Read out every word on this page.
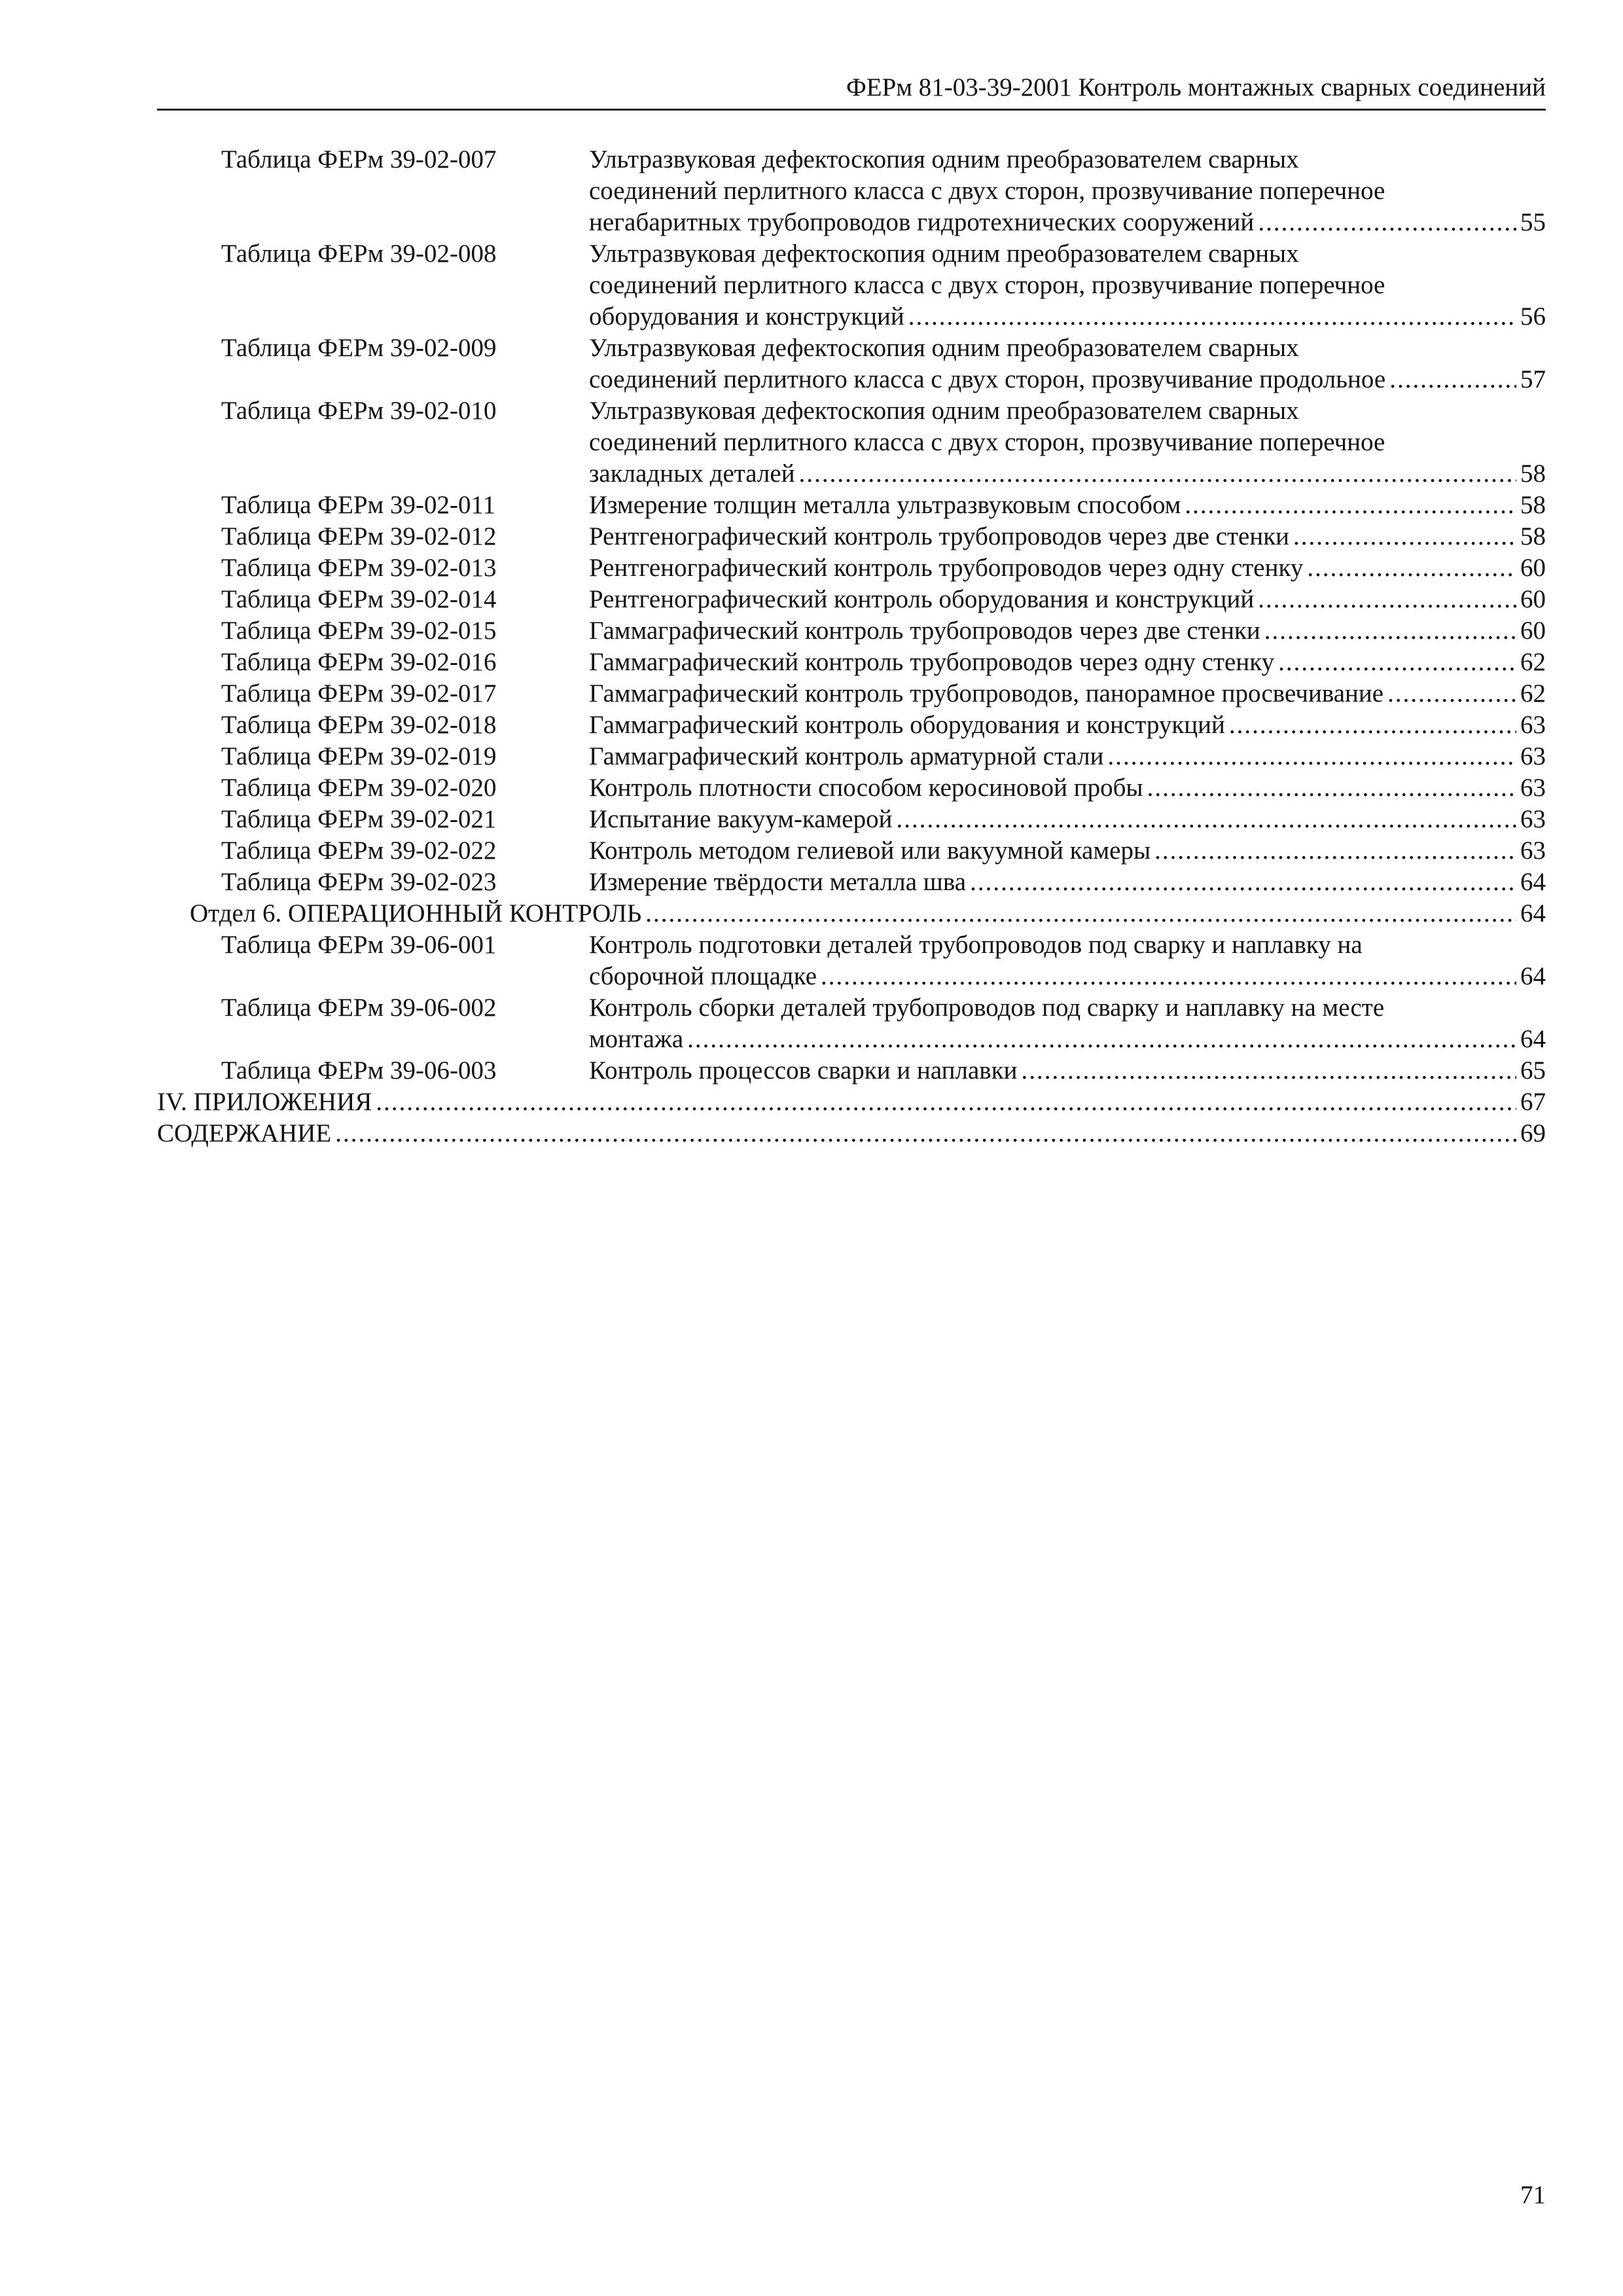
ФЕРм 81-03-39-2001 Контроль монтажных сварных соединений
Таблица ФЕРм 39-02-007	Ультразвуковая дефектоскопия одним преобразователем сварных
соединений перлитного класса с двух сторон, прозвучивание поперечное
негабаритных трубопроводов гидротехнических сооружений .....	55
Таблица ФЕРм 39-02-008	Ультразвуковая дефектоскопия одним преобразователем сварных
соединений перлитного класса с двух сторон, прозвучивание поперечное
оборудования и конструкций .....	56
Таблица ФЕРм 39-02-009	Ультразвуковая дефектоскопия одним преобразователем сварных
соединений перлитного класса с двух сторон, прозвучивание продольное .....	57
Таблица ФЕРм 39-02-010	Ультразвуковая дефектоскопия одним преобразователем сварных
соединений перлитного класса с двух сторон, прозвучивание поперечное
закладных деталей .....	58
Таблица ФЕРм 39-02-011	Измерение толщин металла ультразвуковым способом .....	58
Таблица ФЕРм 39-02-012	Рентгенографический контроль трубопроводов через две стенки .....	58
Таблица ФЕРм 39-02-013	Рентгенографический контроль трубопроводов через одну стенку .....	60
Таблица ФЕРм 39-02-014	Рентгенографический контроль оборудования и конструкций .....	60
Таблица ФЕРм 39-02-015	Гаммаграфический контроль трубопроводов через две стенки .....	60
Таблица ФЕРм 39-02-016	Гаммаграфический контроль трубопроводов через одну стенку .....	62
Таблица ФЕРм 39-02-017	Гаммаграфический контроль трубопроводов, панорамное просвечивание .....	62
Таблица ФЕРм 39-02-018	Гаммаграфический контроль оборудования и конструкций .....	63
Таблица ФЕРм 39-02-019	Гаммаграфический контроль арматурной стали .....	63
Таблица ФЕРм 39-02-020	Контроль плотности способом керосиновой пробы .....	63
Таблица ФЕРм 39-02-021	Испытание вакуум-камерой .....	63
Таблица ФЕРм 39-02-022	Контроль методом гелиевой или вакуумной камеры .....	63
Таблица ФЕРм 39-02-023	Измерение твёрдости металла шва .....	64
Отдел 6. ОПЕРАЦИОННЫЙ КОНТРОЛЬ .....	64
Таблица ФЕРм 39-06-001	Контроль подготовки деталей трубопроводов под сварку и наплавку на
сборочной площадке .....	64
Таблица ФЕРм 39-06-002	Контроль сборки деталей трубопроводов под сварку и наплавку на месте
монтажа .....	64
Таблица ФЕРм 39-06-003	Контроль процессов сварки и наплавки .....	65
IV. ПРИЛОЖЕНИЯ .....	67
СОДЕРЖАНИЕ .....	69
71
